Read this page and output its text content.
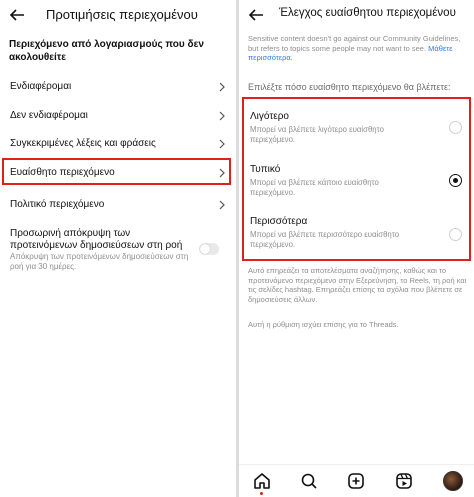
Προτιμήσεις περιεχομένου
Περιεχόμενο από λογαριασμούς που δεν ακολουθείτε
Ενδιαφέρομαι
Δεν ενδιαφέρομαι
Συγκεκριμένες λέξεις και φράσεις
Ευαίσθητο περιεχόμενο
Πολιτικό περιεχόμενο
Προσωρινή απόκρυψη των προτεινόμενων δημοσιεύσεων στη ροή
Απόκρυψη των προτεινόμενων δημοσιεύσεων στη ροή για 30 ημέρες.
Έλεγχος ευαίσθητου περιεχομένου
Sensitive content doesn't go against our Community Guidelines, but refers to topics some people may not want to see. Μάθετε περισσότερα.
Επιλέξτε πόσο ευαίσθητο περιεχόμενο θα βλέπετε:
Λιγότερο
Μπορεί να βλέπετε λιγότερο ευαίσθητο περιεχόμενο.
Τυπικό
Μπορεί να βλέπετε κάποιο ευαίσθητο περιεχόμενο.
Περισσότερα
Μπορεί να βλέπετε περισσότερο ευαίσθητο περιεχόμενο.
Αυτό επηρεάζει τα αποτελέσματα αναζήτησης, καθώς και το προτεινόμενο περιεχόμενο στην Εξερεύνηση, το Reels, τη ροή και τις σελίδες hashtag. Επηρεάζει επίσης τα σχόλια που βλέπετε σε δημοσιεύσεις άλλων.
Αυτή η ρύθμιση ισχύει επίσης για το Threads.
